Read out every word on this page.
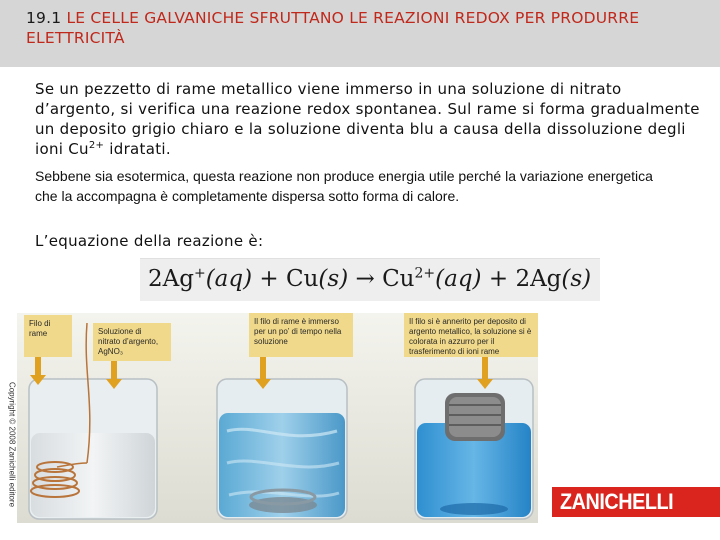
19.1 LE CELLE GALVANICHE SFRUTTANO LE REAZIONI REDOX PER PRODURRE ELETTRICITÀ
Se un pezzetto di rame metallico viene immerso in una soluzione di nitrato d’argento, si verifica una reazione redox spontanea. Sul rame si forma gradualmente un deposito grigio chiaro e la soluzione diventa blu a causa della dissoluzione degli ioni $Cu^{2+}$ idratati.
Sebbene sia esotermica, questa reazione non produce energia utile perché la variazione energetica che la accompagna è completamente dispersa sotto forma di calore.
L’equazione della reazione è:
$2Ag^+(aq) + Cu(s) \to Cu^{2+}(aq) + 2Ag(s)$
Filo di rame	Soluzione di nitrato d’argento, AgNO₃
Il filo di rame è immerso per un po’ di tempo nella soluzione
Il filo si è annerito per deposito di argento metallico, la soluzione si è colorata in azzurro per il trasferimento di ioni rame
Copyright © 2008 Zanichelli editore	ZANICHELLI
